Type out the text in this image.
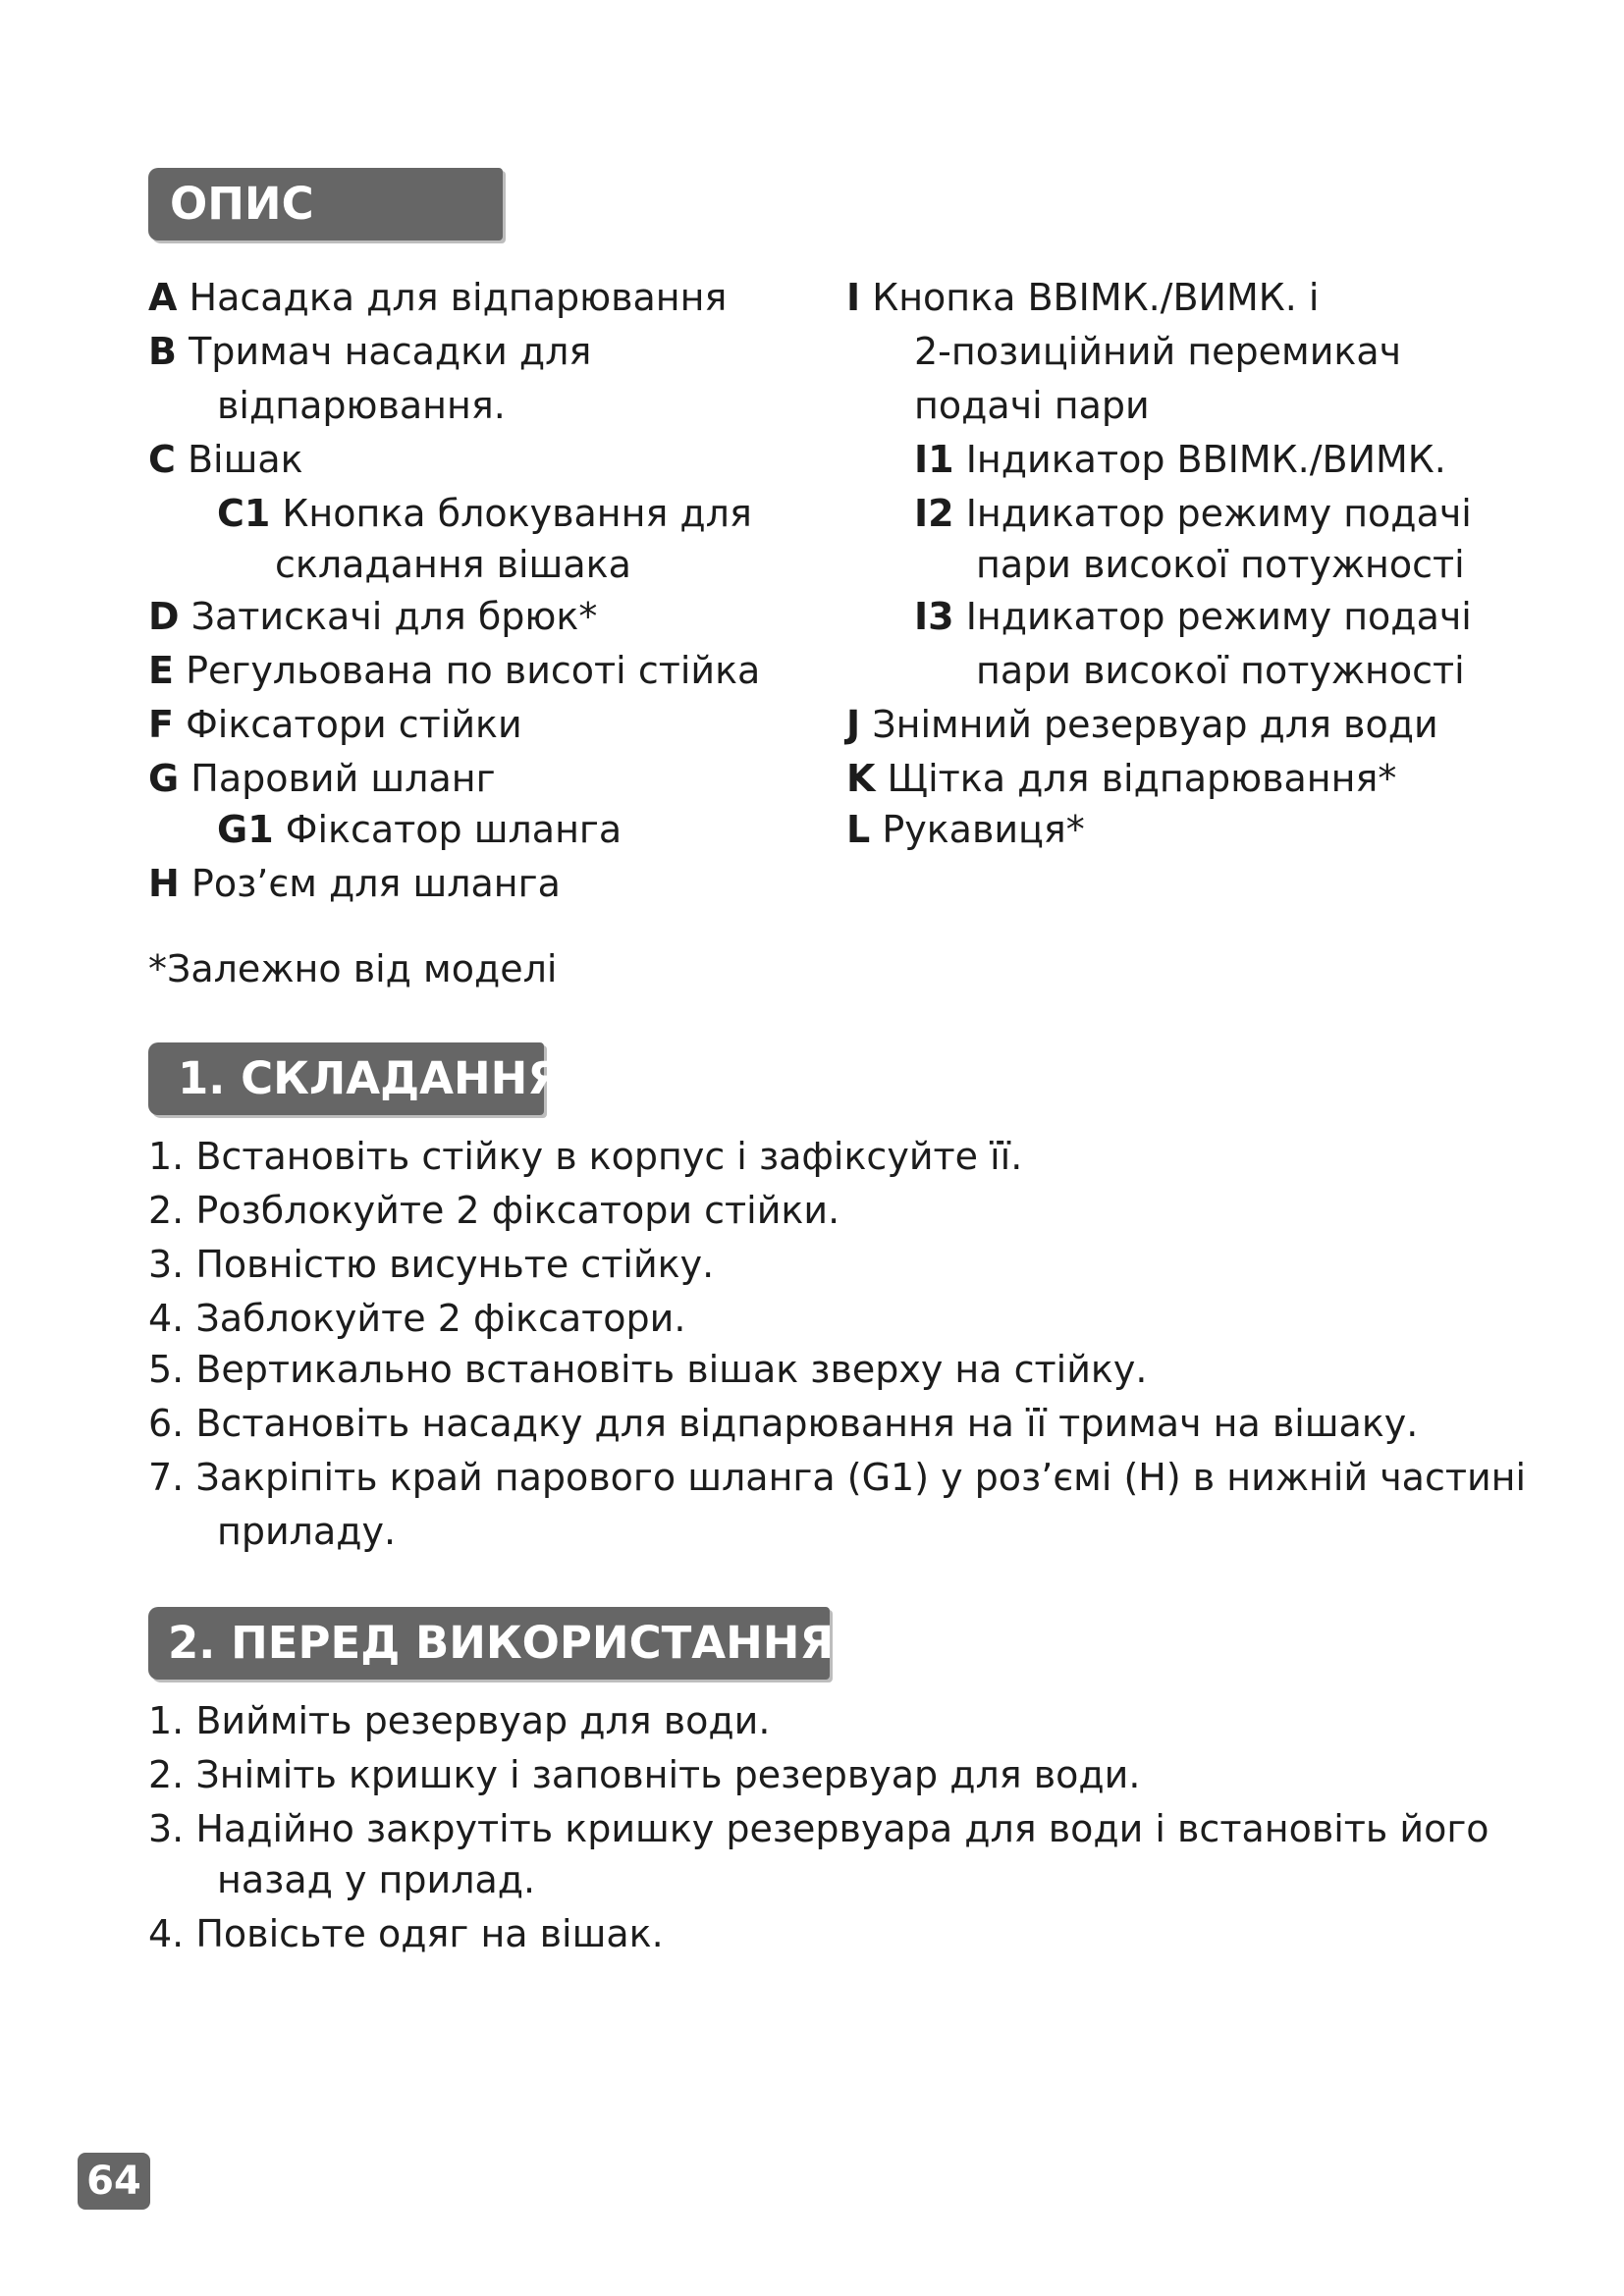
ОПИС
1. СКЛАДАННЯ
2. ПЕРЕД ВИКОРИСТАННЯМ
A Насадка для відпарювання
B Тримач насадки для
відпарювання.
C Вішак
C1 Кнопка блокування для
складання вішака
D Затискачі для брюк*
E Регульована по висоті стійка
F Фіксатори стійки
G Паровий шланг
G1 Фіксатор шланга
H Роз’єм для шланга
I Кнопка ВВІМК./ВИМК. і
2-позиційний перемикач
подачі пари
I1 Індикатор ВВІМК./ВИМК.
I2 Індикатор режиму подачі
пари високої потужності
I3 Індикатор режиму подачі
пари високої потужності
J Знімний резервуар для води
K Щітка для відпарювання*
L Рукавиця*
*Залежно від моделі
1. Встановіть стійку в корпус і зафіксуйте її.
2. Розблокуйте 2 фіксатори стійки.
3. Повністю висуньте стійку.
4. Заблокуйте 2 фіксатори.
5. Вертикально встановіть вішак зверху на стійку.
6. Встановіть насадку для відпарювання на її тримач на вішаку.
7. Закріпіть край парового шланга (G1) у роз’ємі (H) в нижній частині
приладу.
1. Вийміть резервуар для води.
2. Зніміть кришку і заповніть резервуар для води.
3. Надійно закрутіть кришку резервуара для води і встановіть його
назад у прилад.
4. Повісьте одяг на вішак.
64
